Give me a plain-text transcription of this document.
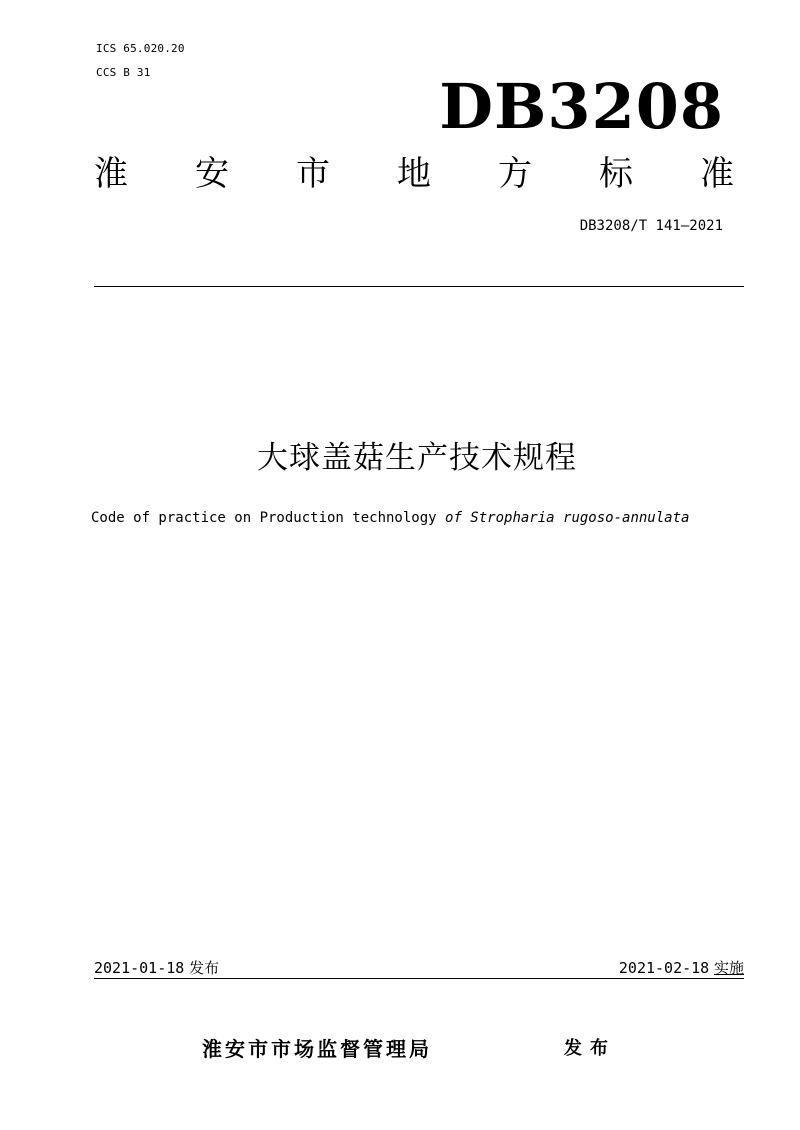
ICS 65.020.20

CCS B 31	DB3208

淮 安 市 地 方 标 准

DB3208/T 141—2021

大球盖菇生产技术规程

Code of practice on Production technology of Stropharia rugoso-annulata

2021-01-18 发布	2021-02-18 实施

淮安市市场监督管理局	发布
